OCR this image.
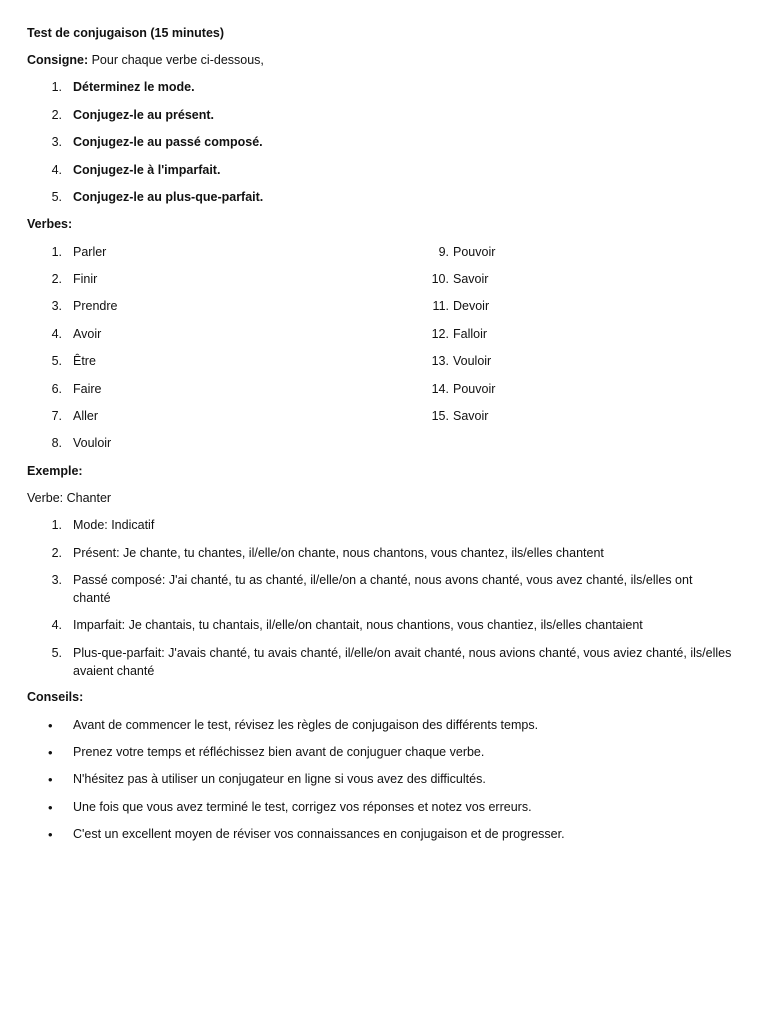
Test de conjugaison (15 minutes)
Consigne: Pour chaque verbe ci-dessous,
1. Déterminez le mode.
2. Conjugez-le au présent.
3. Conjugez-le au passé composé.
4. Conjugez-le à l'imparfait.
5. Conjugez-le au plus-que-parfait.
Verbes:
1. Parler
2. Finir
3. Prendre
4. Avoir
5. Être
6. Faire
7. Aller
8. Vouloir
9. Pouvoir
10. Savoir
11. Devoir
12. Falloir
13. Vouloir
14. Pouvoir
15. Savoir
Exemple:
Verbe: Chanter
1. Mode: Indicatif
2. Présent: Je chante, tu chantes, il/elle/on chante, nous chantons, vous chantez, ils/elles chantent
3. Passé composé: J'ai chanté, tu as chanté, il/elle/on a chanté, nous avons chanté, vous avez chanté, ils/elles ont chanté
4. Imparfait: Je chantais, tu chantais, il/elle/on chantait, nous chantions, vous chantiez, ils/elles chantaient
5. Plus-que-parfait: J'avais chanté, tu avais chanté, il/elle/on avait chanté, nous avions chanté, vous aviez chanté, ils/elles avaient chanté
Conseils:
• Avant de commencer le test, révisez les règles de conjugaison des différents temps.
• Prenez votre temps et réfléchissez bien avant de conjuguer chaque verbe.
• N'hésitez pas à utiliser un conjugateur en ligne si vous avez des difficultés.
• Une fois que vous avez terminé le test, corrigez vos réponses et notez vos erreurs.
• C'est un excellent moyen de réviser vos connaissances en conjugaison et de progresser.
